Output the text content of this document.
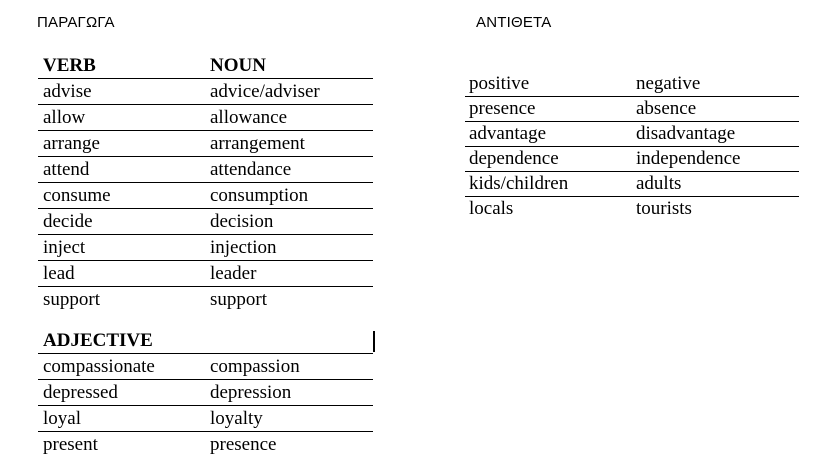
ΠΑΡΑΓΩΓΑ	ΑΝΤΙΘΕΤΑ
VERB	NOUN
advise	advice/adviser
allow	allowance
arrange	arrangement
attend	attendance
consume	consumption
decide	decision
inject	injection
lead	leader
support	support
ADJECTIVE
compassionate	compassion
depressed	depression
loyal	loyalty
present	presence
positive	negative
presence	absence
advantage	disadvantage
dependence	independence
kids/children	adults
locals	tourists
